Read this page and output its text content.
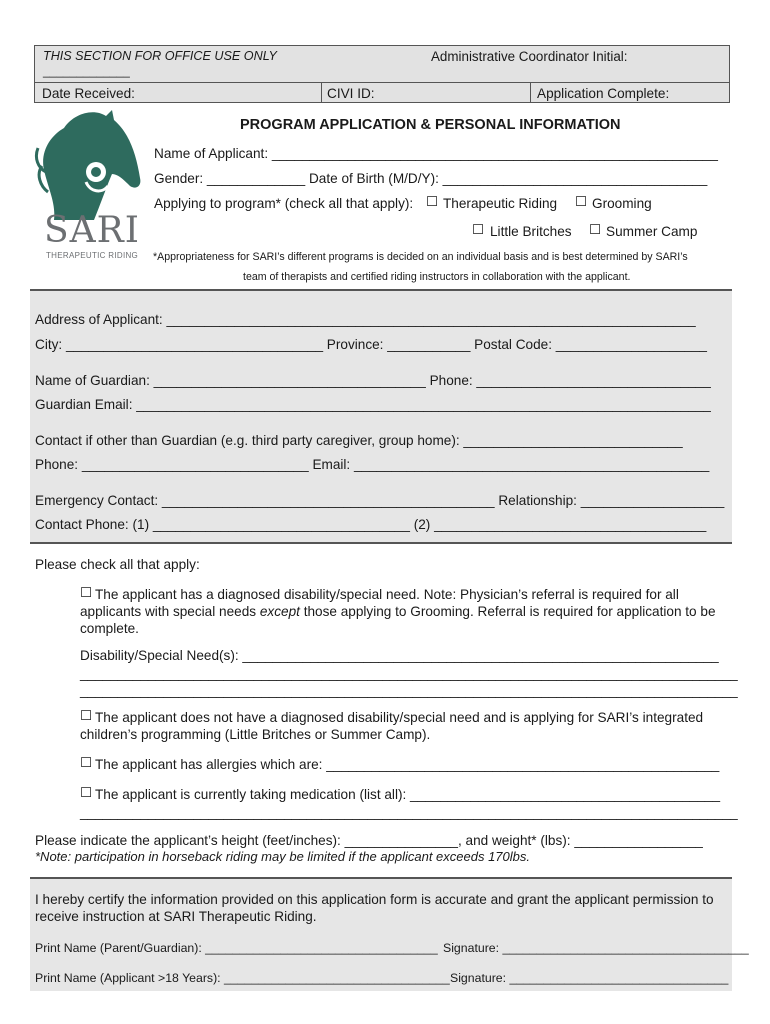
THIS SECTION FOR OFFICE USE ONLY
_____________
Administrative Coordinator Initial:
Date Received:	CIVI ID:	Application Complete:
SARI
THERAPEUTIC RIDING
PROGRAM APPLICATION & PERSONAL INFORMATION
Name of Applicant: ___________________________________________________________
Gender: _____________ Date of Birth (M/D/Y): ___________________________________
Applying to program* (check all that apply): ☐ Therapeutic Riding ☐ Grooming
☐ Little Britches ☐ Summer Camp
*Appropriateness for SARI’s different programs is decided on an individual basis and is best determined by SARI’s
team of therapists and certified riding instructors in collaboration with the applicant.
Address of Applicant: ______________________________________________________________________
City: __________________________________ Province: ___________ Postal Code: ____________________
Name of Guardian: ____________________________________ Phone: _______________________________
Guardian Email: ____________________________________________________________________________
Contact if other than Guardian (e.g. third party caregiver, group home): _____________________________
Phone: ______________________________ Email: _______________________________________________
Emergency Contact: ____________________________________________ Relationship: ___________________
Contact Phone: (1) __________________________________ (2) ____________________________________
Please check all that apply:
☐ The applicant has a diagnosed disability/special need. Note: Physician’s referral is required for all
applicants with special needs except those applying to Grooming. Referral is required for application to be
complete.
Disability/Special Need(s): _______________________________________________________________
_______________________________________________________________________________________
_______________________________________________________________________________________
☐ The applicant does not have a diagnosed disability/special need and is applying for SARI’s integrated
children’s programming (Little Britches or Summer Camp).
☐ The applicant has allergies which are: ____________________________________________________
☐ The applicant is currently taking medication (list all): _________________________________________
_______________________________________________________________________________________
Please indicate the applicant’s height (feet/inches): _______________, and weight* (lbs): _________________
*Note: participation in horseback riding may be limited if the applicant exceeds 170lbs.
I hereby certify the information provided on this application form is accurate and grant the applicant permission to
receive instruction at SARI Therapeutic Riding.
Print Name (Parent/Guardian): __________________________________ Signature: ____________________________________
Print Name (Applicant >18 Years): _________________________________ Signature: ________________________________
